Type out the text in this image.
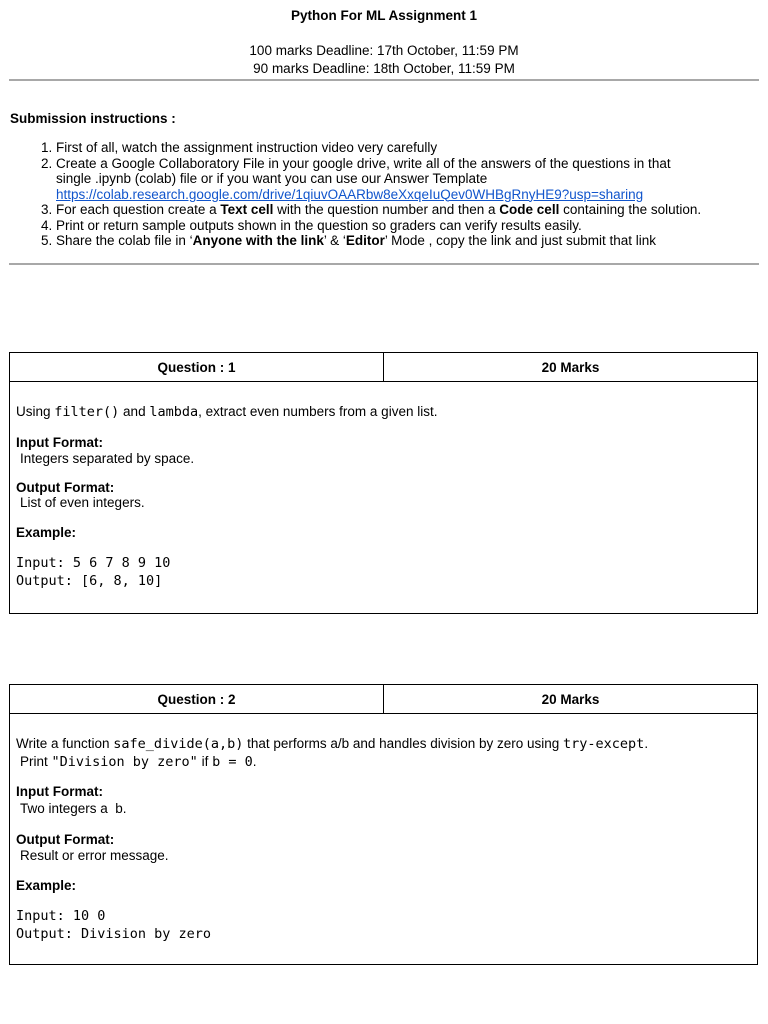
Python For ML Assignment 1
100 marks Deadline: 17th October, 11:59 PM
90 marks Deadline: 18th October, 11:59 PM
Submission instructions :
1. First of all, watch the assignment instruction video very carefully
2. Create a Google Collaboratory File in your google drive, write all of the answers of the questions in that
single .ipynb (colab) file or if you want you can use our Answer Template
https://colab.research.google.com/drive/1qiuvOAARbw8eXxqeIuQev0WHBgRnyHE9?usp=sharing
3. For each question create a Text cell with the question number and then a Code cell containing the solution.
4. Print or return sample outputs shown in the question so graders can verify results easily.
5. Share the colab file in ‘Anyone with the link’ & ‘Editor’ Mode , copy the link and just submit that link
Question : 1	20 Marks
Using filter() and lambda, extract even numbers from a given list.
Input Format:
Integers separated by space.
Output Format:
List of even integers.
Example:
Input: 5 6 7 8 9 10
Output: [6, 8, 10]
Question : 2	20 Marks
Write a function safe_divide(a,b) that performs a/b and handles division by zero using try-except.
Print "Division by zero" if b = 0.
Input Format:
Two integers a  b.
Output Format:
Result or error message.
Example:
Input: 10 0
Output: Division by zero
